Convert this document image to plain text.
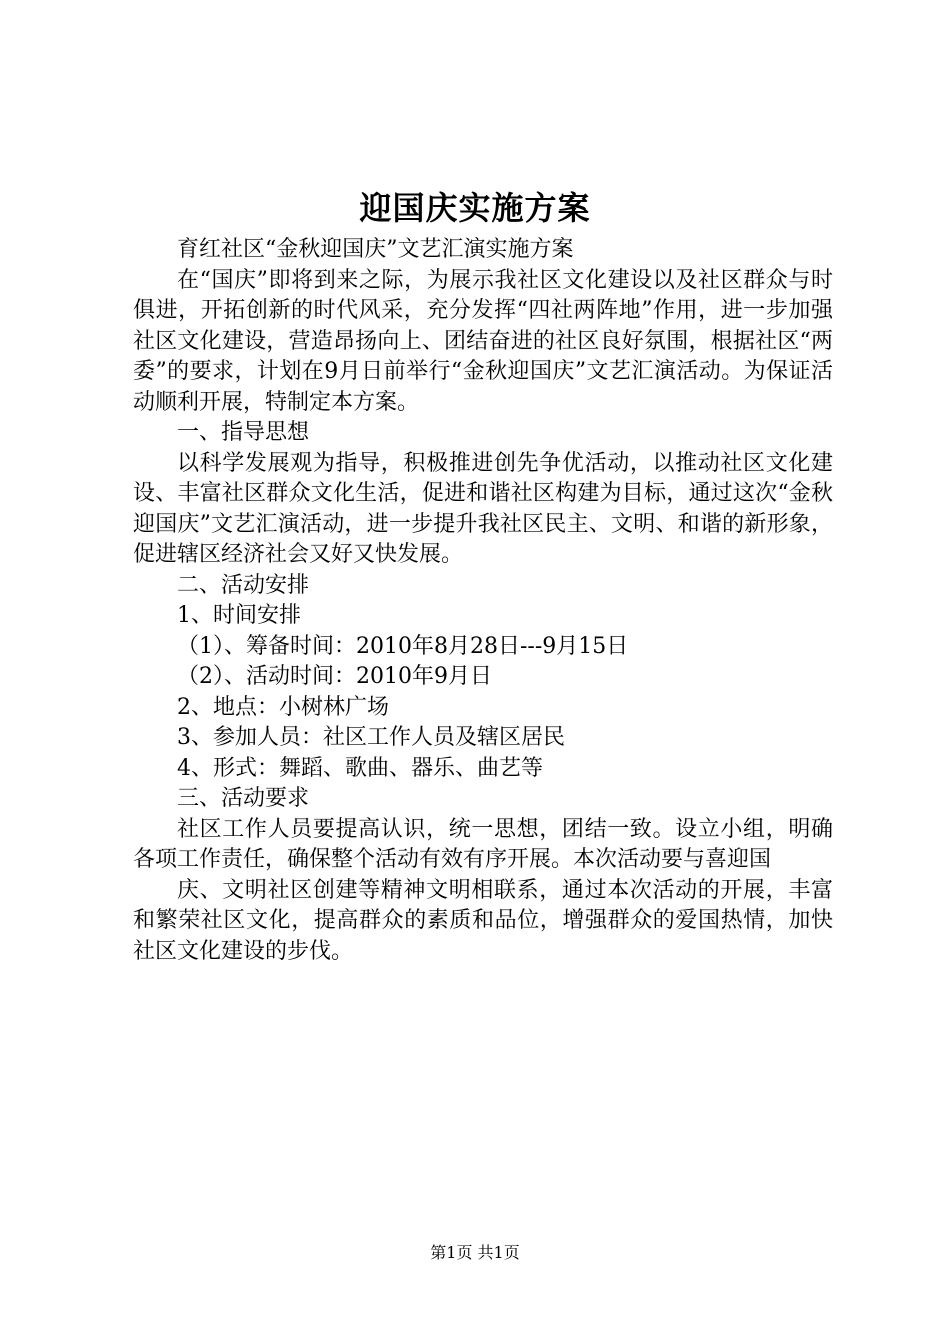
迎国庆实施方案

育红社区“金秋迎国庆”文艺汇演实施方案

在“国庆”即将到来之际，为展示我社区文化建设以及社区群众与时俱进，开拓创新的时代风采，充分发挥“四社两阵地”作用，进一步加强社区文化建设，营造昂扬向上、团结奋进的社区良好氛围，根据社区“两委”的要求，计划在9月日前举行“金秋迎国庆”文艺汇演活动。为保证活动顺利开展，特制定本方案。

一、指导思想

以科学发展观为指导，积极推进创先争优活动，以推动社区文化建设、丰富社区群众文化生活，促进和谐社区构建为目标，通过这次“金秋迎国庆”文艺汇演活动，进一步提升我社区民主、文明、和谐的新形象，促进辖区经济社会又好又快发展。

二、活动安排

1、时间安排

（1）、筹备时间：2010年8月28日---9月15日

（2）、活动时间：2010年9月日

2、地点：小树林广场

3、参加人员：社区工作人员及辖区居民

4、形式：舞蹈、歌曲、器乐、曲艺等

三、活动要求

社区工作人员要提高认识，统一思想，团结一致。设立小组，明确各项工作责任，确保整个活动有效有序开展。本次活动要与喜迎国

庆、文明社区创建等精神文明相联系，通过本次活动的开展，丰富和繁荣社区文化，提高群众的素质和品位，增强群众的爱国热情，加快社区文化建设的步伐。

第1页 共1页
